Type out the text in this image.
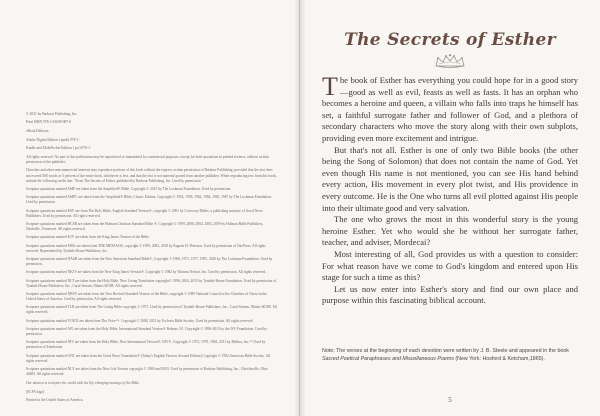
© 2021 by Barbour Publishing, Inc.

Print ISBN 978-1-63609-087-0

eBook Editions:

Adobe Digital Edition (.epub) 978-1-

Kindle and MobiPocket Edition (.prc) 978-1-

All rights reserved. No part of this publication may be reproduced or transmitted for commercial purposes, except for brief quotations in printed reviews, without written permission of the publisher.

Churches and other noncommercial interests may reproduce portions of this book without the express written permission of Barbour Publishing, provided that the text does not exceed 500 words or 5 percent of the entire book, whichever is less, and that the text is not material quoted from another publisher. When reproducing text from this book, include the following credit line: "From The Secrets of Esther, published by Barbour Publishing, Inc. Used by permission."

Scripture quotations marked AMP are taken from the Amplified® Bible, Copyright © 2015 by The Lockman Foundation. Used by permission.

Scripture quotations marked AMPC are taken from the Amplified® Bible, Classic Edition, Copyright © 1954, 1958, 1962, 1964, 1965, 1987 by The Lockman Foundation. Used by permission.

Scripture quotations marked ESV are from The Holy Bible, English Standard Version®, copyright © 2001 by Crossway Bibles, a publishing ministry of Good News Publishers. Used by permission. All rights reserved.

Scripture quotations marked HCSB are taken from the Holman Christian Standard Bible ®, Copyright © 1999, 2000, 2002, 2003, 2009 by Holman Bible Publishers, Nashville, Tennessee. All rights reserved.

Scripture quotations marked KJV are taken from the King James Version of the Bible.

Scripture quotations marked MSG are taken from THE MESSAGE, copyright © 1993, 2002, 2018 by Eugene H. Peterson. Used by permission of NavPress. All rights reserved. Represented by Tyndale House Publishers, Inc.

Scripture quotations marked NASB are taken from the New American Standard Bible®, Copyright © 1960, 1971, 1977, 1995, 2020 by The Lockman Foundation. Used by permission.

Scripture quotations marked NKJV are taken from the New King James Version®. Copyright © 1982 by Thomas Nelson, Inc. Used by permission. All rights reserved.

Scripture quotations marked NLT are taken from the Holy Bible, New Living Translation copyright© 1996, 2004, 2015 by Tyndale House Foundation. Used by permission of Tyndale House Publishers, Inc., Carol Stream, Illinois 60188. All rights reserved.

Scripture quotations marked NRSV are taken from the New Revised Standard Version of the Bible, copyright © 1989 National Council of the Churches of Christ in the United States of America. Used by permission. All rights reserved.

Scripture quotations marked TLB are taken from The Living Bible copyright © 1971. Used by permission of Tyndale House Publishers, Inc., Carol Stream, Illinois 60188. All rights reserved.

Scripture quotations marked VOICE are taken from The Voice™. Copyright © 2008, 2012 by Ecclesia Bible Society. Used by permission. All rights reserved.

Scripture quotations marked ISV are taken from the Holy Bible: International Standard Version® Release 2.0. Copyright © 1996-2013 by the ISV Foundation. Used by permission.

Scripture quotations marked NIV are taken from the Holy Bible, New International Version®, NIV®. Copyright © 1973, 1978, 1984, 2011 by Biblica, Inc.™ Used by permission of Zondervan.

Scripture quotations marked GNT are taken from the Good News Translation® (Today's English Version, Second Edition) Copyright © 1992 American Bible Society. All rights reserved.

Scripture quotations marked NLV are taken from the New Life Version copyright © 1969 and 2003. Used by permission of Barbour Publishing, Inc., Uhrichsville, Ohio 44683. All rights reserved.

Our mission is to inspire the world with the life-changing message of the Bible.

[ECPA logo]

Printed in the United States of America.

The Secrets of Esther

The book of Esther has everything you could hope for in a good story—good as well as evil, feasts as well as fasts. It has an orphan who becomes a heroine and queen, a villain who falls into traps he himself has set, a faithful surrogate father and follower of God, and a plethora of secondary characters who move the story along with their own subplots, providing even more excitement and intrigue.

But that's not all. Esther is one of only two Bible books (the other being the Song of Solomon) that does not contain the name of God. Yet even though His name is not mentioned, you can see His hand behind every action, His movement in every plot twist, and His providence in every outcome. He is the One who turns all evil plotted against His people into their ultimate good and very salvation.

The one who grows the most in this wonderful story is the young heroine Esther. Yet who would she be without her surrogate father, teacher, and adviser, Mordecai?

Most interesting of all, God provides us with a question to consider: For what reason have we come to God's kingdom and entered upon His stage for such a time as this?

Let us now enter into Esther's story and find our own place and purpose within this fascinating biblical account.

Note: The verses at the beginning of each devotion were written by J. B. Steele and appeared in the book Sacred Poetical Paraphrases and Miscellaneous Poems (New York: Hosford & Ketcham,1865).
5
